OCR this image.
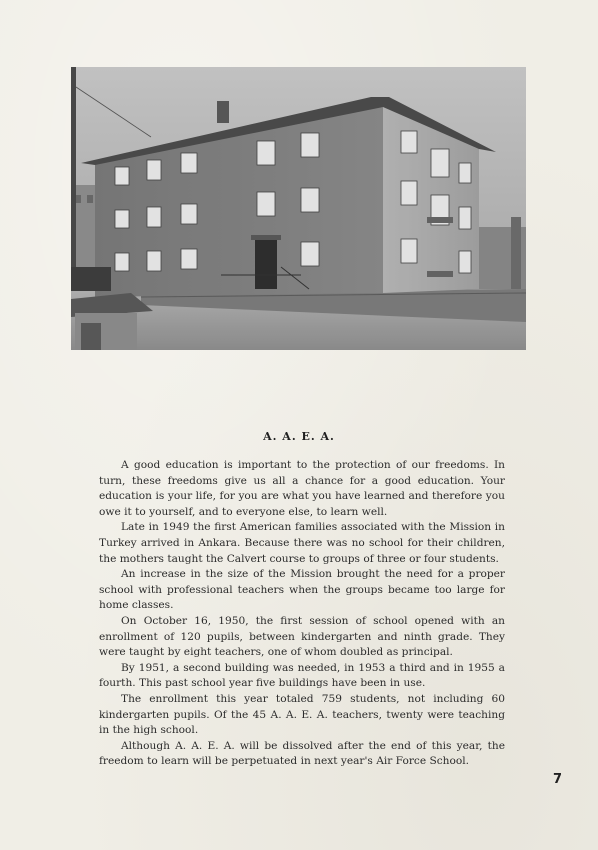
A. A. E. A.

A good education is important to the protection of our freedoms. In turn, these freedoms give us all a chance for a good education. Your education is your life, for you are what you have learned and therefore you owe it to yourself, and to everyone else, to learn well.

Late in 1949 the first American families associated with the Mission in Turkey arrived in Ankara. Because there was no school for their children, the mothers taught the Calvert course to groups of three or four students.

An increase in the size of the Mission brought the need for a proper school with professional teachers when the groups became too large for home classes.

On October 16, 1950, the first session of school opened with an enrollment of 120 pupils, between kindergarten and ninth grade. They were taught by eight teachers, one of whom doubled as principal.

By 1951, a second building was needed, in 1953 a third and in 1955 a fourth. This past school year five buildings have been in use.

The enrollment this year totaled 759 students, not including 60 kindergarten pupils. Of the 45 A. A. E. A. teachers, twenty were teaching in the high school.

Although A. A. E. A. will be dissolved after the end of this year, the freedom to learn will be perpetuated in next year's Air Force School.

7
